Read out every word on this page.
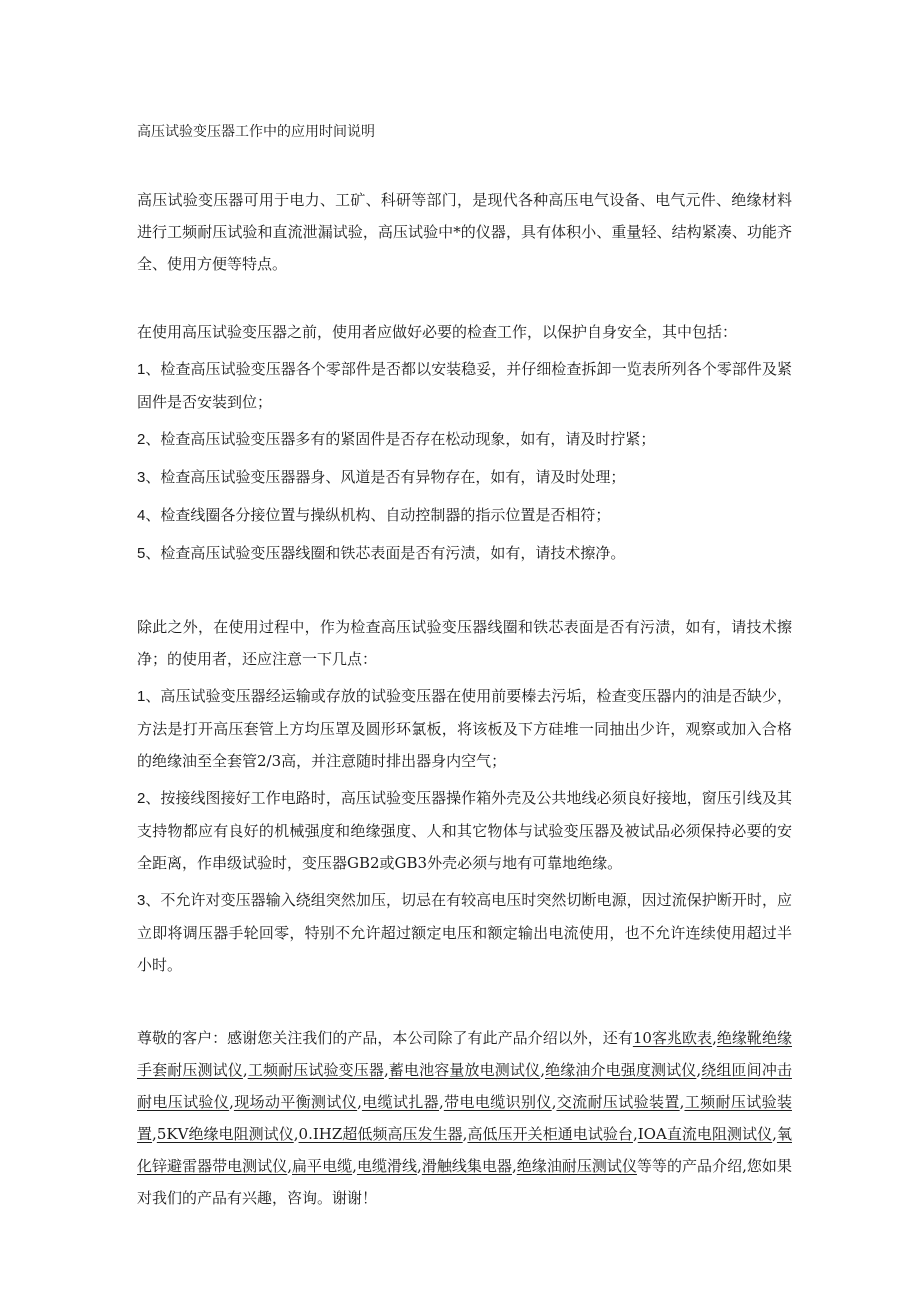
高压试验变压器工作中的应用时间说明

高压试验变压器可用于电力、工矿、科研等部门，是现代各种高压电气设备、电气元件、绝缘材料进行工频耐压试验和直流泄漏试验，高压试验中*的仪器，具有体积小、重量轻、结构紧凑、功能齐全、使用方便等特点。

在使用高压试验变压器之前，使用者应做好必要的检查工作，以保护自身安全，其中包括：

1、检查高压试验变压器各个零部件是否都以安装稳妥，并仔细检查拆卸一览表所列各个零部件及紧固件是否安装到位；

2、检查高压试验变压器多有的紧固件是否存在松动现象，如有，请及时拧紧；

3、检查高压试验变压器器身、风道是否有异物存在，如有，请及时处理；

4、检查线圈各分接位置与操纵机构、自动控制器的指示位置是否相符；

5、检查高压试验变压器线圈和铁芯表面是否有污渍，如有，请技术擦净。

除此之外，在使用过程中，作为检查高压试验变压器线圈和铁芯表面是否有污渍，如有，请技术擦净；的使用者，还应注意一下几点：

1、高压试验变压器经运输或存放的试验变压器在使用前要榛去污垢，检查变压器内的油是否缺少，方法是打开高压套管上方均压罩及圆形环氯板，将该板及下方硅堆一同抽出少许，观察或加入合格的绝缘油至全套管2/3高，并注意随时排出器身内空气；

2、按接线图接好工作电路时，高压试验变压器操作箱外壳及公共地线必须良好接地，窗压引线及其支持物都应有良好的机械强度和绝缘强度、人和其它物体与试验变压器及被试品必须保持必要的安全距离，作串级试验时，变压器GB2或GB3外壳必须与地有可靠地绝缘。

3、不允许对变压器输入绕组突然加压，切忌在有较高电压时突然切断电源，因过流保护断开时，应立即将调压器手轮回零，特别不允许超过额定电压和额定输出电流使用，也不允许连续使用超过半小时。

尊敬的客户：感谢您关注我们的产品，本公司除了有此产品介绍以外，还有10客兆欧表,绝缘靴绝缘手套耐压测试仪,工频耐压试验变压器,蓄电池容量放电测试仪,绝缘油介电强度测试仪,绕组匝间冲击耐电压试验仪,现场动平衡测试仪,电缆试扎器,带电电缆识别仪,交流耐压试验装置,工频耐压试验装置,5KV绝缘电阻测试仪,0.IHZ超低频高压发生器,高低压开关柜通电试验台,IOA直流电阻测试仪,氧化锌避雷器带电测试仪,扁平电缆,电缆滑线,滑触线集电器,绝缘油耐压测试仪等等的产品介绍,您如果对我们的产品有兴趣，咨询。谢谢！
